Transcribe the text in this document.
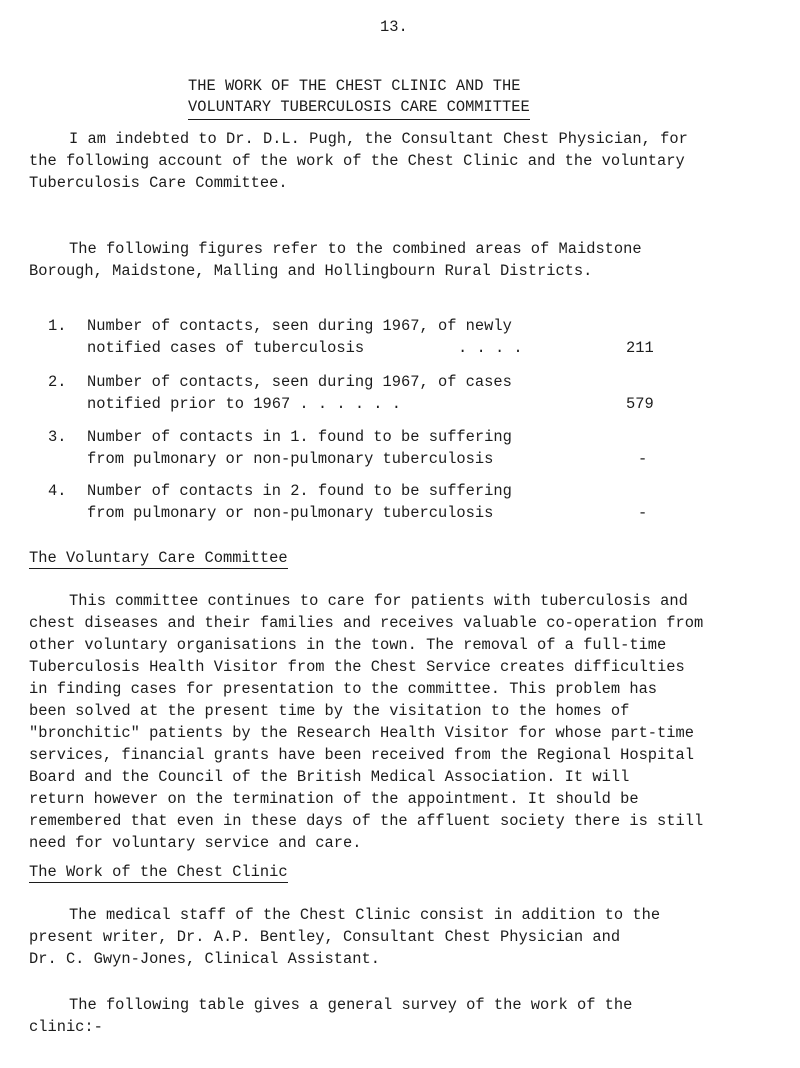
13.
THE WORK OF THE CHEST CLINIC AND THE
VOLUNTARY TUBERCULOSIS CARE COMMITTEE
I am indebted to Dr. D.L. Pugh, the Consultant Chest Physician, for
the following account of the work of the Chest Clinic and the voluntary
Tuberculosis Care Committee.
The following figures refer to the combined areas of Maidstone
Borough, Maidstone, Malling and Hollingbourn Rural Districts.
1. Number of contacts, seen during 1967, of newly
notified cases of tuberculosis	. . . .	211
2. Number of contacts, seen during 1967, of cases
notified prior to 1967 . . . . . .	579
3. Number of contacts in 1. found to be suffering
from pulmonary or non-pulmonary tuberculosis	-
4. Number of contacts in 2. found to be suffering
from pulmonary or non-pulmonary tuberculosis	-
The Voluntary Care Committee
This committee continues to care for patients with tuberculosis and
chest diseases and their families and receives valuable co-operation from
other voluntary organisations in the town. The removal of a full-time
Tuberculosis Health Visitor from the Chest Service creates difficulties
in finding cases for presentation to the committee. This problem has
been solved at the present time by the visitation to the homes of
"bronchitic" patients by the Research Health Visitor for whose part-time
services, financial grants have been received from the Regional Hospital
Board and the Council of the British Medical Association. It will
return however on the termination of the appointment. It should be
remembered that even in these days of the affluent society there is still
need for voluntary service and care.
The Work of the Chest Clinic
The medical staff of the Chest Clinic consist in addition to the
present writer, Dr. A.P. Bentley, Consultant Chest Physician and
Dr. C. Gwyn-Jones, Clinical Assistant.
The following table gives a general survey of the work of the
clinic:-
